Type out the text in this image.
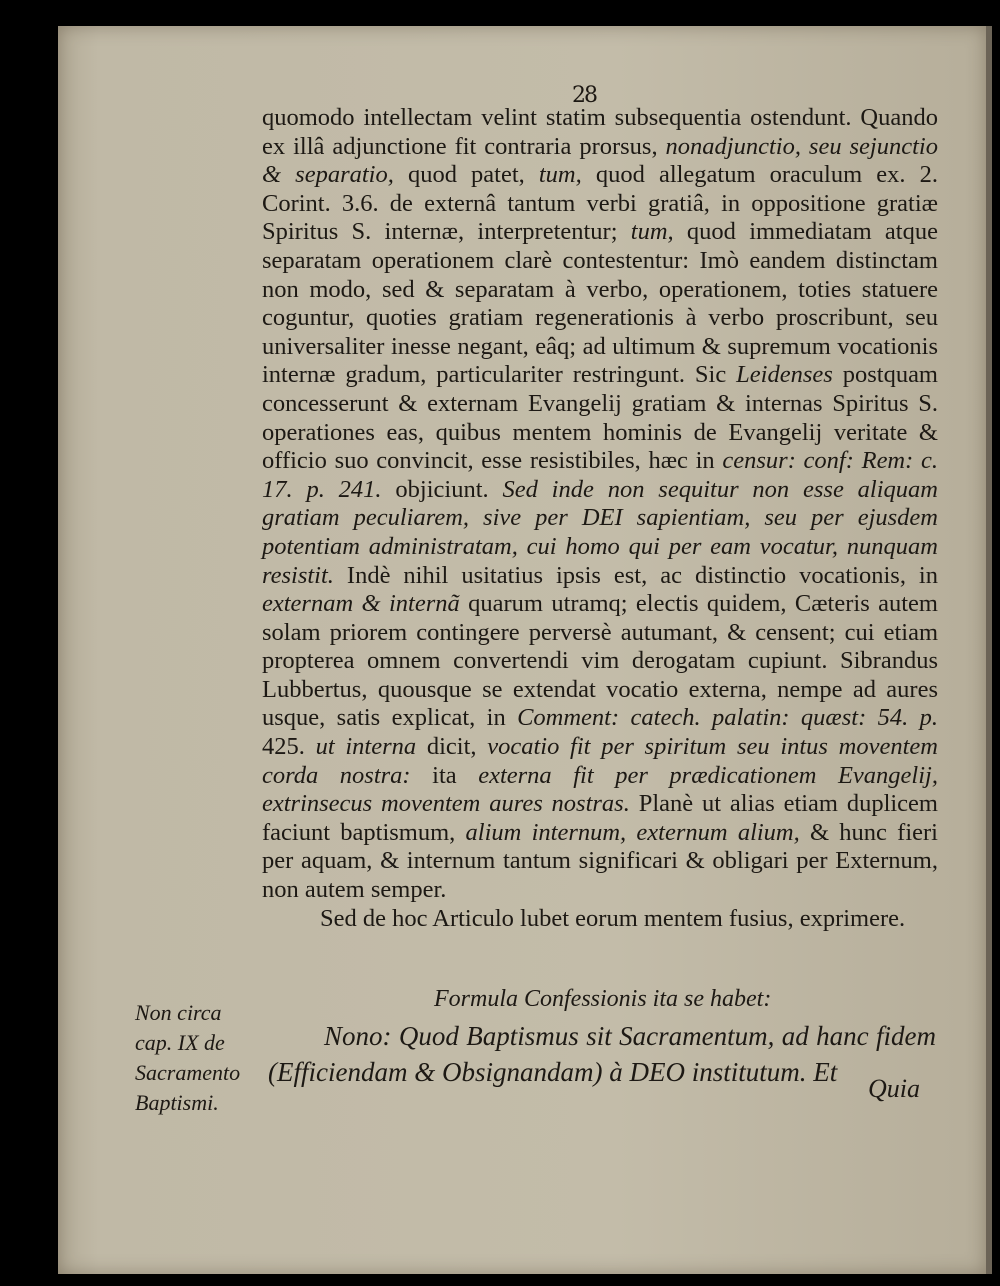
28

quomodo intellectam velint statim subsequentia ostendunt. Quando ex illâ adjunctione fit contraria prorsus, nonadjunctio, seu sejunctio & separatio, quod patet, tum, quod allegatum oraculum ex. 2. Corint. 3.6. de externâ tantum verbi gratiâ, in oppositione gratiæ Spiritus S. internæ, interpretentur; tum, quod immediatam atque separatam operationem clarè contestentur: Imò eandem distinctam non modo, sed & separatam à verbo, operationem, toties statuere coguntur, quoties gratiam regenerationis à verbo proscribunt, seu universaliter inesse negant, eâq; ad ultimum & supremum vocationis internæ gradum, particulariter restringunt. Sic Leidenses postquam concesserunt & externam Evangelij gratiam & internas Spiritus S. operationes eas, quibus mentem hominis de Evangelij veritate & officio suo convincit, esse resistibiles, hæc in censur: conf: Rem: c. 17. p. 241. objiciunt. Sed inde non sequitur non esse aliquam gratiam peculiarem, sive per DEI sapientiam, seu per ejusdem potentiam administratam, cui homo qui per eam vocatur, nunquam resistit. Indè nihil usitatius ipsis est, ac distinctio vocationis, in externam & internã quarum utramq; electis quidem, Cæteris autem solam priorem contingere perversè autumant, & censent; cui etiam propterea omnem convertendi vim derogatam cupiunt. Sibrandus Lubbertus, quousque se extendat vocatio externa, nempe ad aures usque, satis explicat, in Comment: catech. palatin: quæst: 54. p. 425. ut interna dicit, vocatio fit per spiritum seu intus moventem corda nostra: ita externa fit per prædicationem Evangelij, extrinsecus moventem aures nostras. Planè ut alias etiam duplicem faciunt baptismum, alium internum, externum alium, & hunc fieri per aquam, & internum tantum significari & obligari per Externum, non autem semper.

Sed de hoc Articulo lubet eorum mentem fusius, exprimere.

Formula Confessionis ita se habet:
Nono: Quod Baptismus sit Sacramentum, ad hanc fidem (Efficiendam & Obsignandam) à DEO institutum. Et
Quia
Non circa
cap. IX de
Sacramento
Baptismi.
